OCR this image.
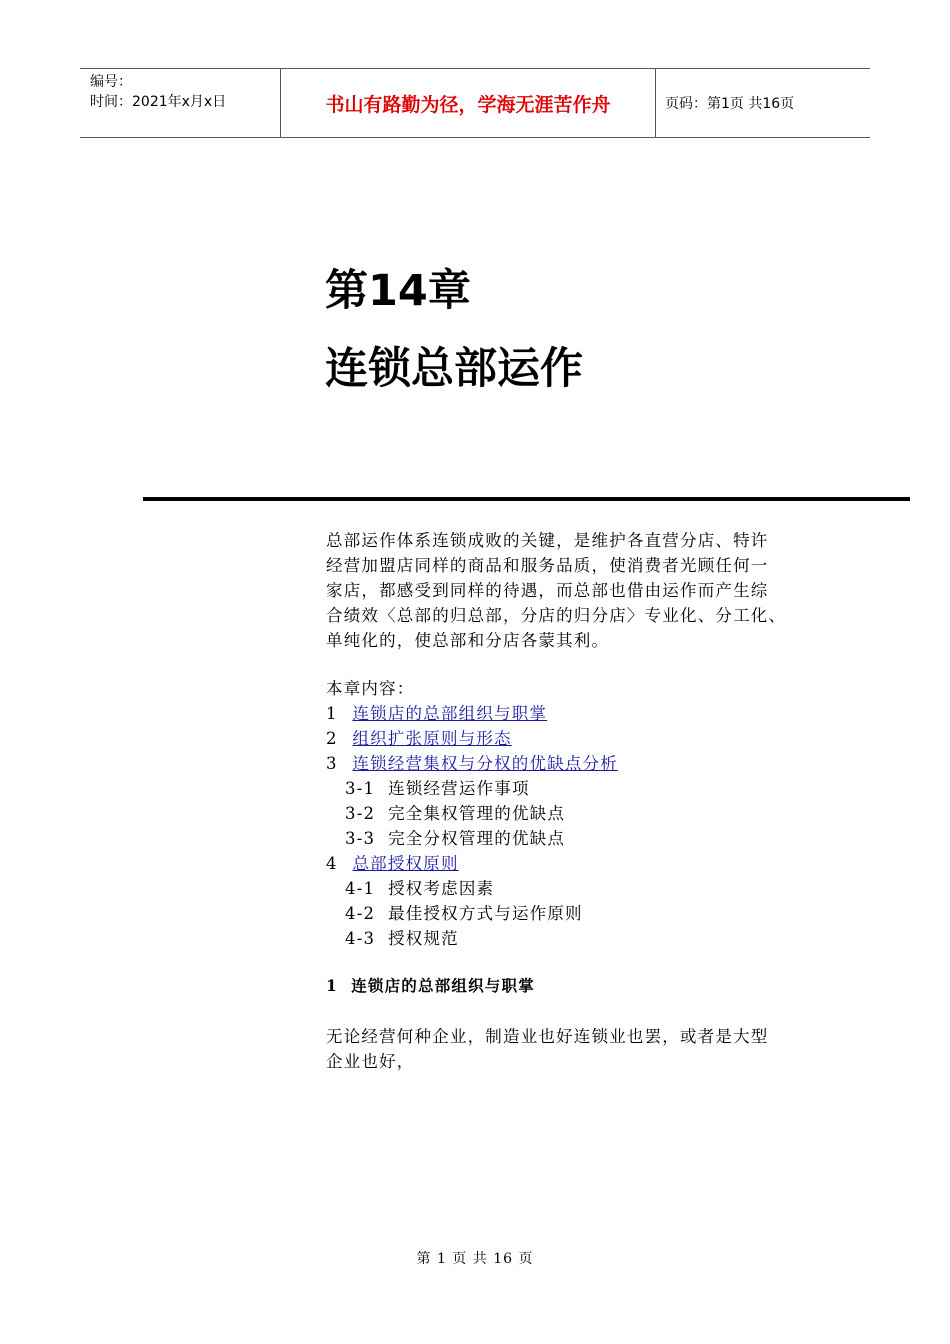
编号：
时间：2021年x月x日	书山有路勤为径，学海无涯苦作舟	页码：第1页 共16页
第14章
连锁总部运作

总部运作体系连锁成败的关键，是维护各直营分店、特许

经营加盟店同样的商品和服务品质，使消费者光顾任何一

家店，都感受到同样的待遇，而总部也借由运作而产生综

合绩效〈总部的归总部，分店的归分店〉专业化、分工化、

单纯化的，使总部和分店各蒙其利。

本章内容：
1 连锁店的总部组织与职掌
2 组织扩张原则与形态
3 连锁经营集权与分权的优缺点分析
3-1 连锁经营运作事项
3-2 完全集权管理的优缺点
3-3 完全分权管理的优缺点
4 总部授权原则
4-1 授权考虑因素
4-2 最佳授权方式与运作原则
4-3 授权规范
1 连锁店的总部组织与职掌

无论经营何种企业，制造业也好连锁业也罢，或者是大型

企业也好，

第 1 页 共 16 页
